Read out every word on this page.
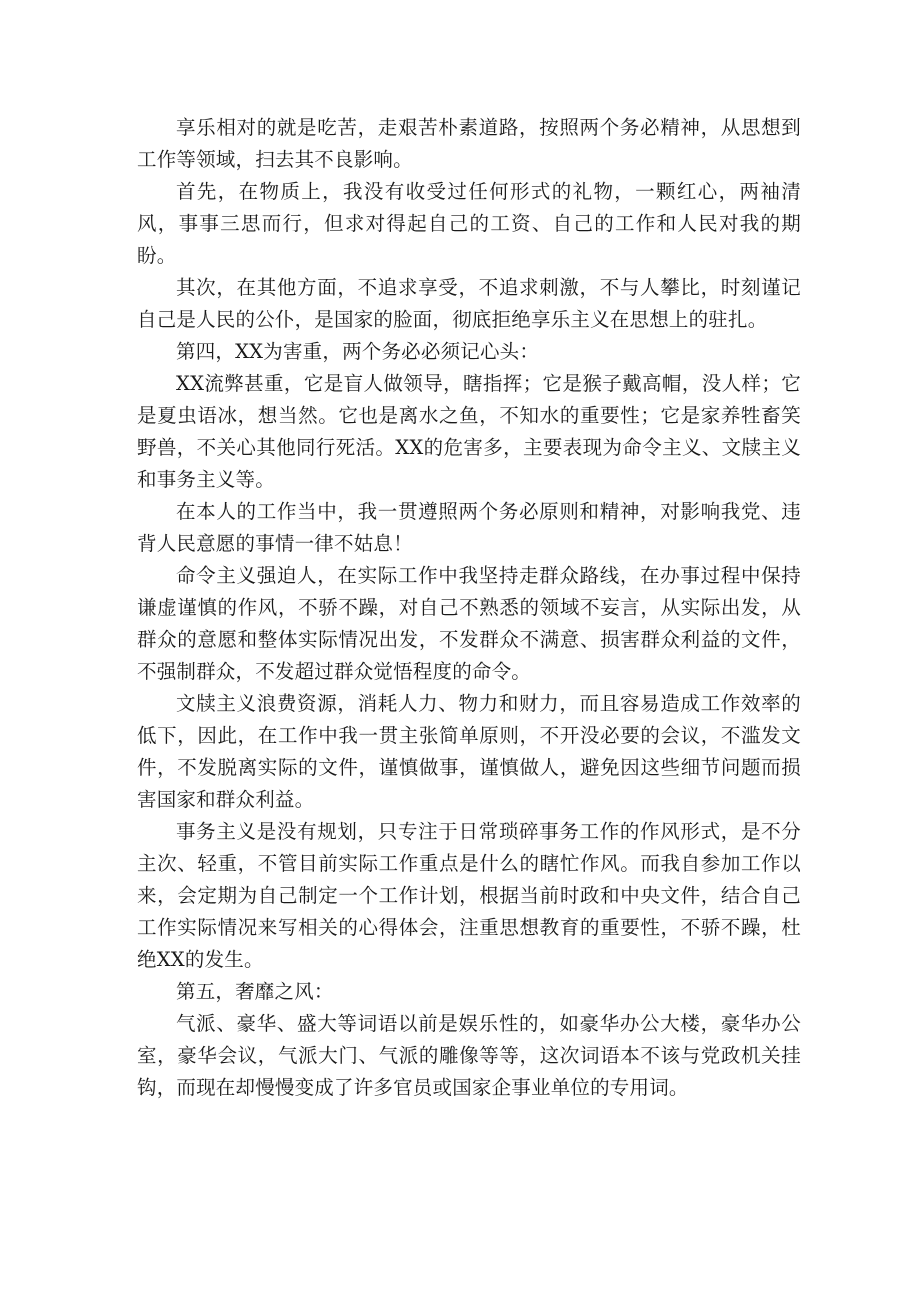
享乐相对的就是吃苦，走艰苦朴素道路，按照两个务必精神，从思想到工作等领域，扫去其不良影响。

首先，在物质上，我没有收受过任何形式的礼物，一颗红心，两袖清风，事事三思而行，但求对得起自己的工资、自己的工作和人民对我的期盼。

其次，在其他方面，不追求享受，不追求刺激，不与人攀比，时刻谨记自己是人民的公仆，是国家的脸面，彻底拒绝享乐主义在思想上的驻扎。

第四，XX为害重，两个务必必须记心头：

XX流弊甚重，它是盲人做领导，瞎指挥；它是猴子戴高帽，没人样；它是夏虫语冰，想当然。它也是离水之鱼，不知水的重要性；它是家养牲畜笑野兽，不关心其他同行死活。XX的危害多，主要表现为命令主义、文牍主义和事务主义等。

在本人的工作当中，我一贯遵照两个务必原则和精神，对影响我党、违背人民意愿的事情一律不姑息！

命令主义强迫人，在实际工作中我坚持走群众路线，在办事过程中保持谦虚谨慎的作风，不骄不躁，对自己不熟悉的领域不妄言，从实际出发，从群众的意愿和整体实际情况出发，不发群众不满意、损害群众利益的文件，不强制群众，不发超过群众觉悟程度的命令。

文牍主义浪费资源，消耗人力、物力和财力，而且容易造成工作效率的低下，因此，在工作中我一贯主张简单原则，不开没必要的会议，不滥发文件，不发脱离实际的文件，谨慎做事，谨慎做人，避免因这些细节问题而损害国家和群众利益。

事务主义是没有规划，只专注于日常琐碎事务工作的作风形式，是不分主次、轻重，不管目前实际工作重点是什么的瞎忙作风。而我自参加工作以来，会定期为自己制定一个工作计划，根据当前时政和中央文件，结合自己工作实际情况来写相关的心得体会，注重思想教育的重要性，不骄不躁，杜绝XX的发生。

第五，奢靡之风：

气派、豪华、盛大等词语以前是娱乐性的，如豪华办公大楼，豪华办公室，豪华会议，气派大门、气派的雕像等等，这次词语本不该与党政机关挂钩，而现在却慢慢变成了许多官员或国家企事业单位的专用词。
